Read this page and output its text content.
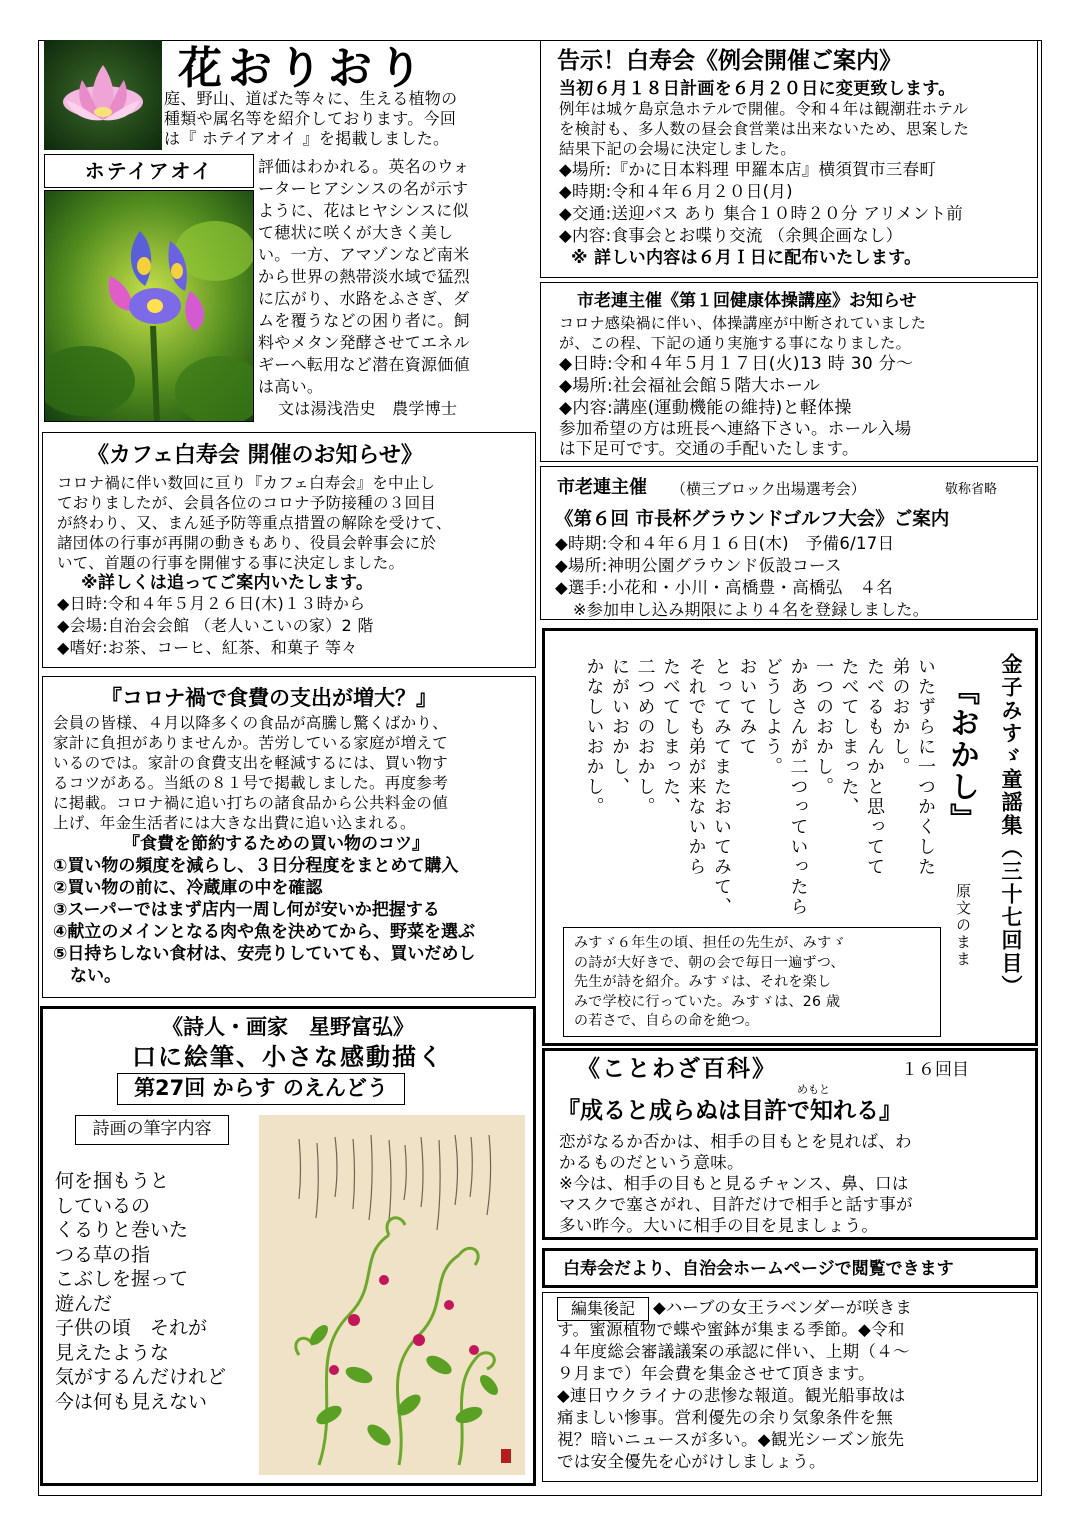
花おりおり
庭、野山、道ばた等々に、生える植物の
種類や属名等を紹介しております。今回
は『 ホテイアオイ 』を掲載しました。
ホテイアオイ	評価はわかれる。英名のウォ
ーターヒアシンスの名が示す
ように、花はヒヤシンスに似
て穂状に咲くが大きく美し
い。一方、アマゾンなど南米
から世界の熱帯淡水域で猛烈
に広がり、水路をふさぎ、ダ
ムを覆うなどの困り者に。飼
料やメタン発酵させてエネル
ギーへ転用など潜在資源価値
は高い。
文は湯浅浩史　農学博士
告示！白寿会《例会開催ご案内》
当初６月１８日計画を６月２０日に変更致します。
例年は城ケ島京急ホテルで開催。令和４年は観潮荘ホテル
を検討も、多人数の昼会食営業は出来ないため、思案した
結果下記の会場に決定しました。
◆場所:『かに日本料理 甲羅本店』横須賀市三春町
◆時期:令和４年６月２０日(月)
◆交通:送迎バス あり 集合１０時２０分 アリメント前
◆内容:食事会とお喋り交流 （余興企画なし）
※ 詳しい内容は６月Ｉ日に配布いたします。
市老連主催《第１回健康体操講座》お知らせ
コロナ感染禍に伴い、体操講座が中断されていました
が、この程、下記の通り実施する事になりました。
◆日時:令和４年５月１７日(火)13 時 30 分～
◆場所:社会福祉会館５階大ホール
◆内容:講座(運動機能の維持)と軽体操
参加希望の方は班長へ連絡下さい。ホール入場
は下足可です。交通の手配いたします。
《カフェ白寿会 開催のお知らせ》
コロナ禍に伴い数回に亘り『カフェ白寿会』を中止し
ておりましたが、会員各位のコロナ予防接種の３回目
が終わり、又、まん延予防等重点措置の解除を受けて、
諸団体の行事が再開の動きもあり、役員会幹事会に於
いて、首題の行事を開催する事に決定しました。
※詳しくは追ってご案内いたします。
◆日時:令和４年５月２６日(木)１３時から
◆会場:自治会会館 （老人いこいの家）2 階
◆嗜好:お茶、コーヒ、紅茶、和菓子 等々
市老連主催 （横三ブロック出場選考会）	敬称省略
《第６回 市長杯グラウンドゴルフ大会》ご案内
◆時期:令和４年６月１６日(木)　予備6/17日
◆場所:神明公園グラウンド仮設コース
◆選手:小花和・小川・高橋豊・高橋弘　４名
※参加申し込み期限により４名を登録しました。
『コロナ禍で食費の支出が増大？』
会員の皆様、４月以降多くの食品が高騰し驚くばかり、
家計に負担がありませんか。苦労している家庭が増えて
いるのでは。家計の食費支出を軽減するには、買い物す
るコツがある。当紙の８１号で掲載しました。再度参考
に掲載。コロナ禍に追い打ちの諸食品から公共料金の値
上げ、年金生活者には大きな出費に追い込まれる。
『食費を節約するための買い物のコツ』
①買い物の頻度を減らし、３日分程度をまとめて購入
②買い物の前に、冷蔵庫の中を確認
③スーパーではまず店内一周し何が安いか把握する
④献立のメインとなる肉や魚を決めてから、野菜を選ぶ
⑤日持ちしない食材は、安売りしていても、買いだめし
　ない。	金子みすゞ童謡集（三十七回目）
『おかし』
原文のまま
いたずらに一つかくした
弟のおかし。
たべるもんかと思ってて
たべてしまった、
一つのおかし。
かあさんが二つっていったら
どうしよう。
おいてみて
とってみてまたおいてみて、
それでも弟が来ないから
たべてしまった、
二つめのおかし。
にがいおかし、
かなしいおかし。
みすゞ６年生の頃、担任の先生が、みすゞ
の詩が大好きで、朝の会で毎日一遍ずつ、
先生が詩を紹介。みすゞは、それを楽し
みで学校に行っていた。みすゞは、26 歳
の若さで、自らの命を絶つ。
《詩人・画家　星野富弘》
口に絵筆、小さな感動描く
第27回 からす のえんどう
詩画の筆字内容
何を掴もうと
しているの
くるりと巻いた
つる草の指
こぶしを握って
遊んだ
子供の頃　それが
見えたような
気がするんだけれど
今は何も見えない
《ことわざ百科》	１６回目
めもと
『成ると成らぬは目許で知れる』
恋がなるか否かは、相手の目もとを見れば、わ
かるものだという意味。
※今は、相手の目もと見るチャンス、鼻、口は
マスクで塞さがれ、目許だけで相手と話す事が
多い昨今。大いに相手の目を見ましょう。
白寿会だより、自治会ホームページで閲覧できます
編集後記	◆ハーブの女王ラベンダーが咲きま
す。蜜源植物で蝶や蜜鉢が集まる季節。◆令和
４年度総会審議議案の承認に伴い、上期（４～
９月まで）年会費を集金させて頂きます。
◆連日ウクライナの悲惨な報道。観光船事故は
痛ましい惨事。営利優先の余り気象条件を無
視？暗いニュースが多い。◆観光シーズン旅先
では安全優先を心がけしましょう。
